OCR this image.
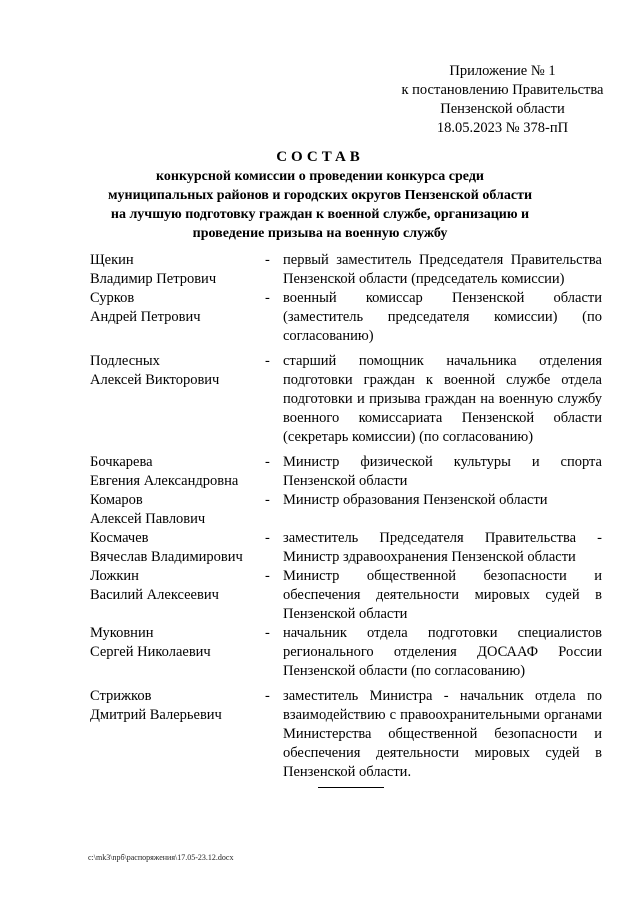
Приложение № 1
к постановлению Правительства
Пензенской области
18.05.2023 № 378-пП
СОСТАВ
конкурсной комиссии о проведении конкурса среди
муниципальных районов и городских округов Пензенской области
на лучшую подготовку граждан к военной службе, организацию и
проведение призыва на военную службу
Щекин
Владимир Петрович
- первый заместитель Председателя Правительства Пензенской области (председатель комиссии)
Сурков
Андрей Петрович
- военный комиссар Пензенской области (заместитель председателя комиссии) (по согласованию)
Подлесных
Алексей Викторович
- старший помощник начальника отделения подготовки граждан к военной службе отдела подготовки и призыва граждан на военную службу военного комиссариата Пензенской области (секретарь комиссии) (по согласованию)
Бочкарева
Евгения Александровна
- Министр физической культуры и спорта Пензенской области
Комаров
Алексей Павлович
- Министр образования Пензенской области
Космачев
Вячеслав Владимирович
- заместитель Председателя Правительства - Министр здравоохранения Пензенской области
Ложкин
Василий Алексеевич
- Министр общественной безопасности и обеспечения деятельности мировых судей в Пензенской области
Муковнин
Сергей Николаевич
- начальник отдела подготовки специалистов регионального отделения ДОСААФ России Пензенской области (по согласованию)
Стрижков
Дмитрий Валерьевич
- заместитель Министра - начальник отдела по взаимодействию с правоохранительными органами Министерства общественной безопасности и обеспечения деятельности мировых судей в Пензенской области.
c:\mk3\npб\распоряжения\17.05-23.12.docx
